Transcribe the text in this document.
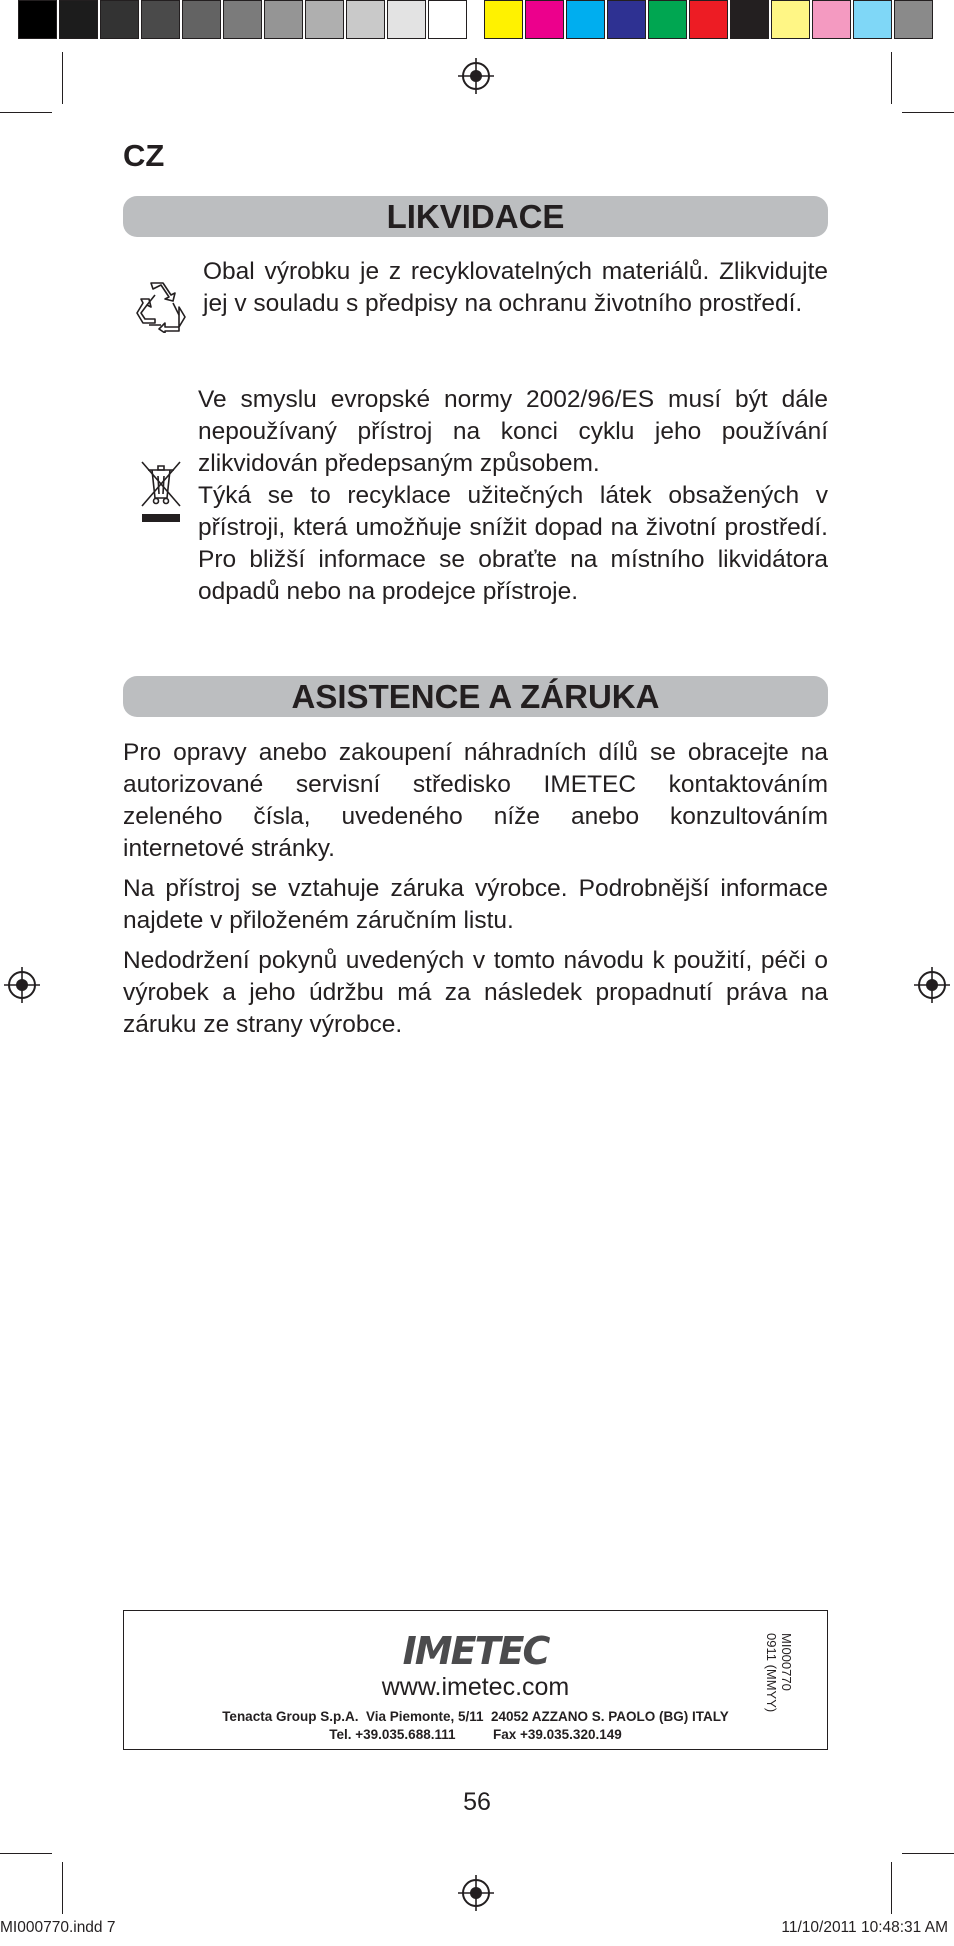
CZ
LIKVIDACE
Obal výrobku je z recyklovatelných materiálů. Zlikvidujte jej v souladu s předpisy na ochranu životního prostředí.
Ve smyslu evropské normy 2002/96/ES musí být dále nepoužívaný přístroj na konci cyklu jeho používání zlikvidován předepsaným způsobem.
Týká se to recyklace užitečných látek obsažených v přístroji, která umožňuje snížit dopad na životní prostředí. Pro bližší informace se obraťte na místního likvidátora odpadů nebo na prodejce přístroje.
ASISTENCE A ZÁRUKA
Pro opravy anebo zakoupení náhradních dílů se obracejte na autorizované servisní středisko IMETEC kontaktováním zeleného čísla, uvedeného níže anebo konzultováním internetové stránky.
Na přístroj se vztahuje záruka výrobce. Podrobnější informace najdete v přiloženém záručním listu.
Nedodržení pokynů uvedených v tomto návodu k použití, péči o výrobek a jeho údržbu má za následek propadnutí práva na záruku ze strany výrobce.
IMETEC
www.imetec.com
Tenacta Group S.p.A.  Via Piemonte, 5/11  24052 AZZANO S. PAOLO (BG) ITALY
Tel. +39.035.688.111          Fax +39.035.320.149
MI000770
0911 (MMYY)
56
MI000770.indd 7	11/10/2011 10:48:31 AM
